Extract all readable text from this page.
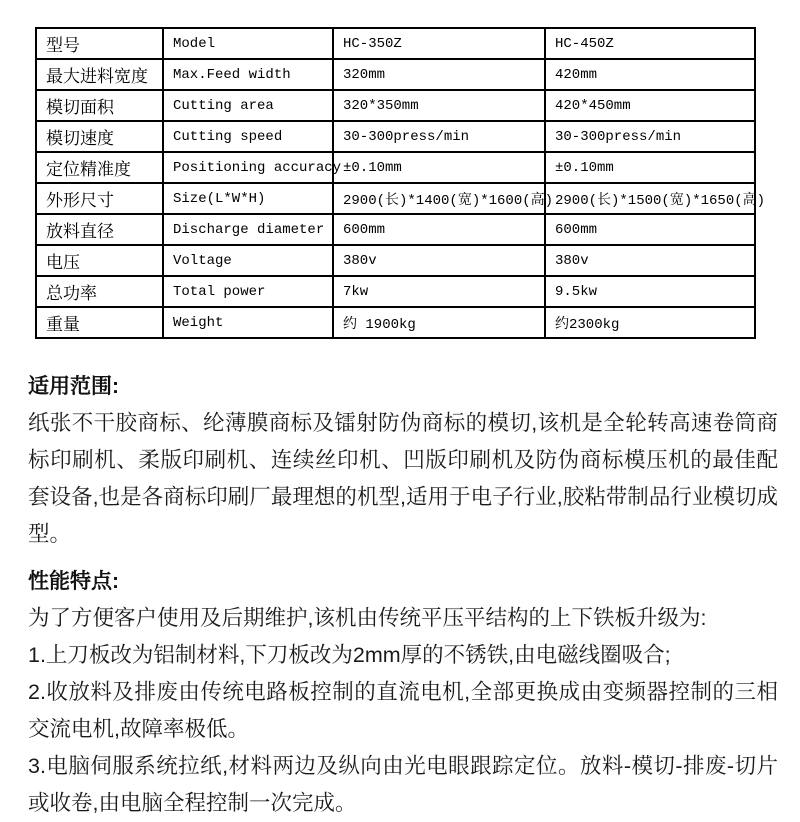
型号	Model	HC-350Z	HC-450Z
最大进料宽度	Max.Feed width	320mm	420mm
模切面积	Cutting area	320*350mm	420*450mm
模切速度	Cutting speed	30-300press/min	30-300press/min
定位精准度	Positioning accuracy	±0.10mm	±0.10mm
外形尺寸	Size(L*W*H)	2900(长)*1400(宽)*1600(高)	2900(长)*1500(宽)*1650(高)
放料直径	Discharge diameter	600mm	600mm
电压	Voltage	380v	380v
总功率	Total power	7kw	9.5kw
重量	Weight	约 1900kg	约2300kg
适用范围:
纸张不干胶商标、纶薄膜商标及镭射防伪商标的模切,该机是全轮转高速卷筒商标印刷机、柔版印刷机、连续丝印机、凹版印刷机及防伪商标模压机的最佳配套设备,也是各商标印刷厂最理想的机型,适用于电子行业,胶粘带制品行业模切成型。
性能特点:

为了方便客户使用及后期维护,该机由传统平压平结构的上下铁板升级为:

1.上刀板改为铝制材料,下刀板改为2mm厚的不锈铁,由电磁线圈吸合;

2.收放料及排废由传统电路板控制的直流电机,全部更换成由变频器控制的三相交流电机,故障率极低。

3.电脑伺服系统拉纸,材料两边及纵向由光电眼跟踪定位。放料-模切-排废-切片或收卷,由电脑全程控制一次完成。
